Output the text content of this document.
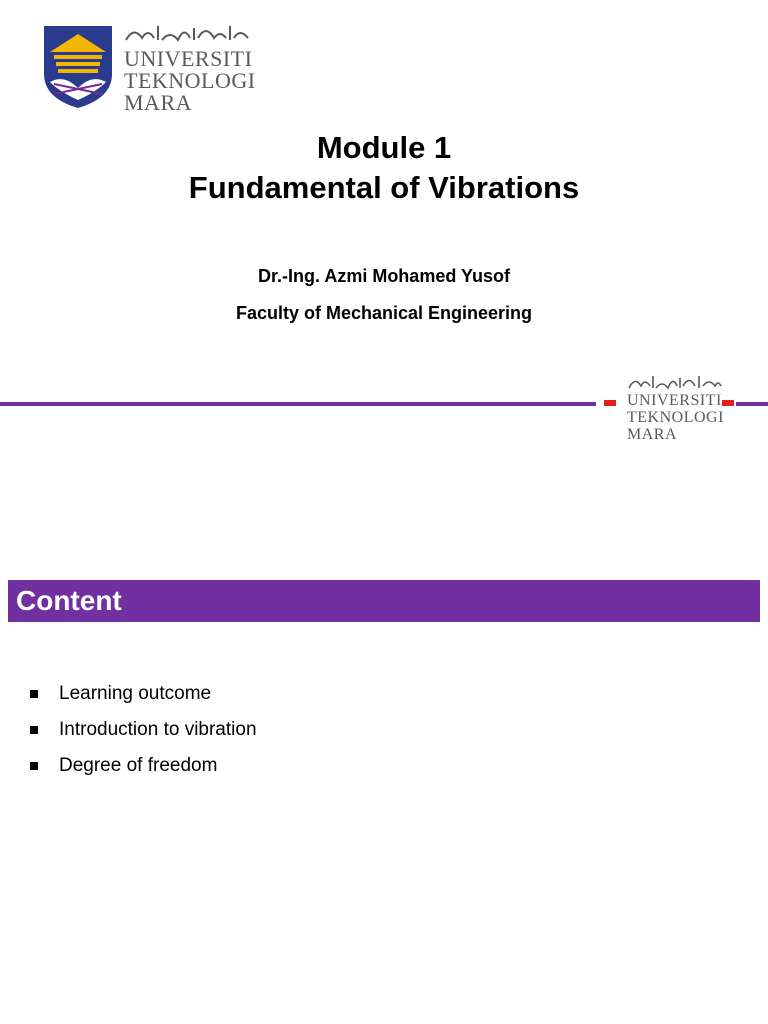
UNIVERSITI
TEKNOLOGI
MARA
Module 1
Fundamental of Vibrations
Dr.-Ing. Azmi Mohamed Yusof
Faculty of Mechanical Engineering
UNIVERSITI
TEKNOLOGI
MARA
Content
Learning outcome
Introduction to vibration
Degree of freedom
